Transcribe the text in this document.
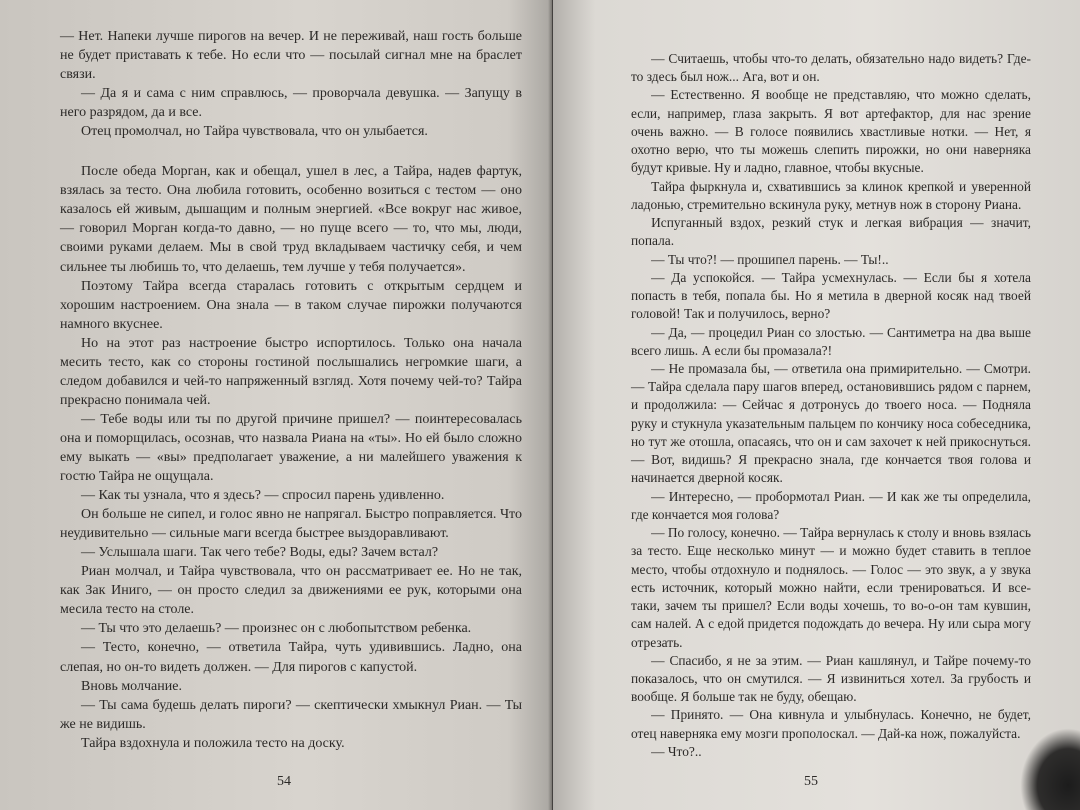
— Нет. Напеки лучше пирогов на вечер. И не переживай, наш гость больше не будет приставать к тебе. Но если что — посылай сигнал мне на браслет связи.

— Да я и сама с ним справлюсь, — проворчала девушка. — Запущу в него разрядом, да и все.

Отец промолчал, но Тайра чувствовала, что он улыбается.

После обеда Морган, как и обещал, ушел в лес, а Тайра, надев фартук, взялась за тесто. Она любила готовить, особенно возиться с тестом — оно казалось ей живым, дышащим и полным энергией. «Все вокруг нас живое, — говорил Морган когда-то давно, — но пуще всего — то, что мы, люди, своими руками делаем. Мы в свой труд вкладываем частичку себя, и чем сильнее ты любишь то, что делаешь, тем лучше у тебя получается».

Поэтому Тайра всегда старалась готовить с открытым сердцем и хорошим настроением. Она знала — в таком случае пирожки получаются намного вкуснее.

Но на этот раз настроение быстро испортилось. Только она начала месить тесто, как со стороны гостиной послышались негромкие шаги, а следом добавился и чей-то напряженный взгляд. Хотя почему чей-то? Тайра прекрасно понимала чей.

— Тебе воды или ты по другой причине пришел? — поинтересовалась она и поморщилась, осознав, что назвала Риана на «ты». Но ей было сложно ему выкать — «вы» предполагает уважение, а ни малейшего уважения к гостю Тайра не ощущала.

— Как ты узнала, что я здесь? — спросил парень удивленно.

Он больше не сипел, и голос явно не напрягал. Быстро поправляется. Что неудивительно — сильные маги всегда быстрее выздоравливают.

— Услышала шаги. Так чего тебе? Воды, еды? Зачем встал?

Риан молчал, и Тайра чувствовала, что он рассматривает ее. Но не так, как Зак Иниго, — он просто следил за движениями ее рук, которыми она месила тесто на столе.

— Ты что это делаешь? — произнес он с любопытством ребенка.

— Тесто, конечно, — ответила Тайра, чуть удивившись. Ладно, она слепая, но он-то видеть должен. — Для пирогов с капустой.

Вновь молчание.

— Ты сама будешь делать пироги? — скептически хмыкнул Риан. — Ты же не видишь.

Тайра вздохнула и положила тесто на доску.

54

— Считаешь, чтобы что-то делать, обязательно надо видеть? Где-то здесь был нож... Ага, вот и он.

— Естественно. Я вообще не представляю, что можно сделать, если, например, глаза закрыть. Я вот артефактор, для нас зрение очень важно. — В голосе появились хвастливые нотки. — Нет, я охотно верю, что ты можешь слепить пирожки, но они наверняка будут кривые. Ну и ладно, главное, чтобы вкусные.

Тайра фыркнула и, схватившись за клинок крепкой и уверенной ладонью, стремительно вскинула руку, метнув нож в сторону Риана.

Испуганный вздох, резкий стук и легкая вибрация — значит, попала.

— Ты что?! — прошипел парень. — Ты!..

— Да успокойся. — Тайра усмехнулась. — Если бы я хотела попасть в тебя, попала бы. Но я метила в дверной косяк над твоей головой! Так и получилось, верно?

— Да, — процедил Риан со злостью. — Сантиметра на два выше всего лишь. А если бы промазала?!

— Не промазала бы, — ответила она примирительно. — Смотри. — Тайра сделала пару шагов вперед, остановившись рядом с парнем, и продолжила: — Сейчас я дотронусь до твоего носа. — Подняла руку и стукнула указательным пальцем по кончику носа собеседника, но тут же отошла, опасаясь, что он и сам захочет к ней прикоснуться. — Вот, видишь? Я прекрасно знала, где кончается твоя голова и начинается дверной косяк.

— Интересно, — пробормотал Риан. — И как же ты определила, где кончается моя голова?

— По голосу, конечно. — Тайра вернулась к столу и вновь взялась за тесто. Еще несколько минут — и можно будет ставить в теплое место, чтобы отдохнуло и поднялось. — Голос — это звук, а у звука есть источник, который можно найти, если тренироваться. И все-таки, зачем ты пришел? Если воды хочешь, то во-о-он там кувшин, сам налей. А с едой придется подождать до вечера. Ну или сыра могу отрезать.

— Спасибо, я не за этим. — Риан кашлянул, и Тайре почему-то показалось, что он смутился. — Я извиниться хотел. За грубость и вообще. Я больше так не буду, обещаю.

— Принято. — Она кивнула и улыбнулась. Конечно, не будет, отец наверняка ему мозги прополоскал. — Дай-ка нож, пожалуйста.

— Что?..

55
